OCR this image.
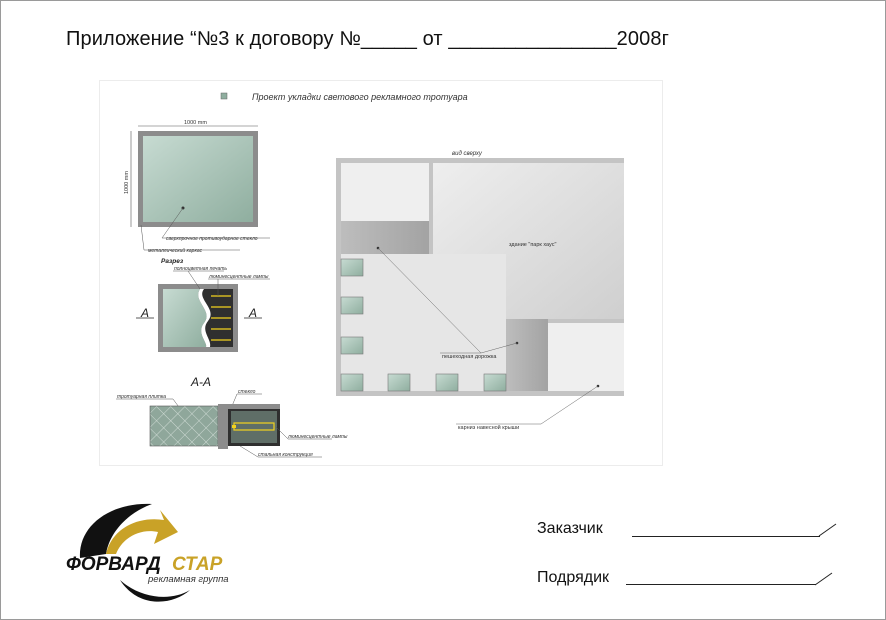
Приложение “№3 к договору №_____ от _______________2008г
Проект укладки светового рекламного тротуара
1000 mm
1000 mm
сверхпрочное противоударное стекло
металлический каркас
Разрез
полноцветная печать
люминесцентные лампы
A	A
A-A
тротуарная плитка
стекло
люминесцентные лампы
стальная конструкция
вид сверху
здание "парк хаус"
пешеходная дорожка
карниз навесной крыши
ФОРВАРД СТАР
рекламная группа
Заказчик
Подрядик
